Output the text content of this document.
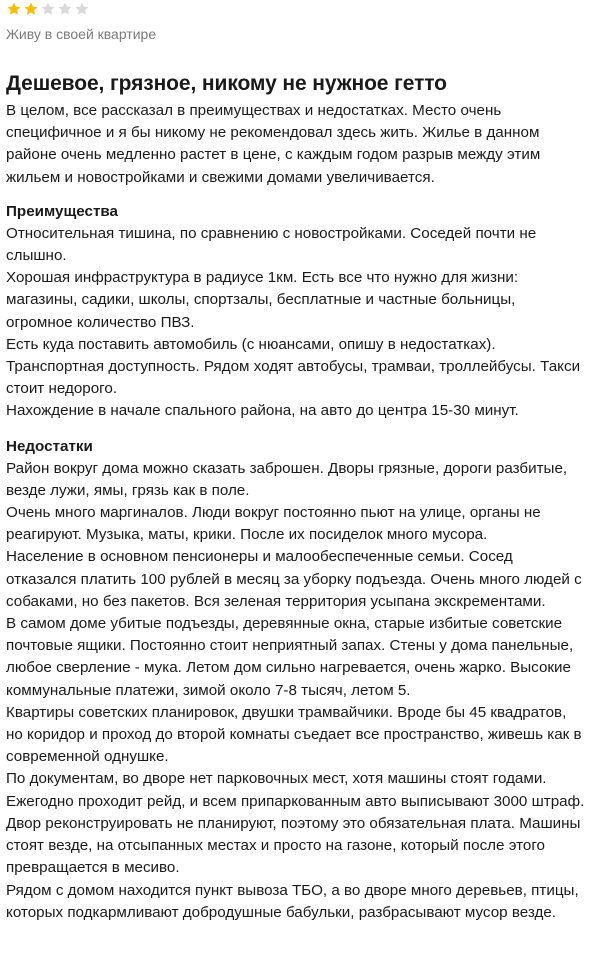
Живу в своей квартире
Дешевое, грязное, никому не нужное гетто

В целом, все рассказал в преимуществах и недостатках. Место очень специфичное и я бы никому не рекомендовал здесь жить. Жилье в данном районе очень медленно растет в цене, с каждым годом разрыв между этим жильем и новостройками и свежими домами увеличивается.

Преимущества

Относительная тишина, по сравнению с новостройками. Соседей почти не слышно.

Хорошая инфраструктура в радиусе 1км. Есть все что нужно для жизни: магазины, садики, школы, спортзалы, бесплатные и частные больницы, огромное количество ПВЗ.

Есть куда поставить автомобиль (с нюансами, опишу в недостатках).

Транспортная доступность. Рядом ходят автобусы, трамваи, троллейбусы. Такси стоит недорого.

Нахождение в начале спального района, на авто до центра 15-30 минут.

Недостатки

Район вокруг дома можно сказать заброшен. Дворы грязные, дороги разбитые, везде лужи, ямы, грязь как в поле.

Очень много маргиналов. Люди вокруг постоянно пьют на улице, органы не реагируют. Музыка, маты, крики. После их посиделок много мусора.

Население в основном пенсионеры и малообеспеченные семьи. Сосед отказался платить 100 рублей в месяц за уборку подъезда. Очень много людей с собаками, но без пакетов. Вся зеленая территория усыпана экскрементами.

В самом доме убитые подъезды, деревянные окна, старые избитые советские почтовые ящики. Постоянно стоит неприятный запах. Стены у дома панельные, любое сверление - мука. Летом дом сильно нагревается, очень жарко. Высокие коммунальные платежи, зимой около 7-8 тысяч, летом 5.

Квартиры советских планировок, двушки трамвайчики. Вроде бы 45 квадратов, но коридор и проход до второй комнаты съедает все пространство, живешь как в современной однушке.

По документам, во дворе нет парковочных мест, хотя машины стоят годами. Ежегодно проходит рейд, и всем припаркованным авто выписывают 3000 штраф. Двор реконструировать не планируют, поэтому это обязательная плата. Машины стоят везде, на отсыпанных местах и просто на газоне, который после этого превращается в месиво.

Рядом с домом находится пункт вывоза ТБО, а во дворе много деревьев, птицы, которых подкармливают добродушные бабульки, разбрасывают мусор везде.
